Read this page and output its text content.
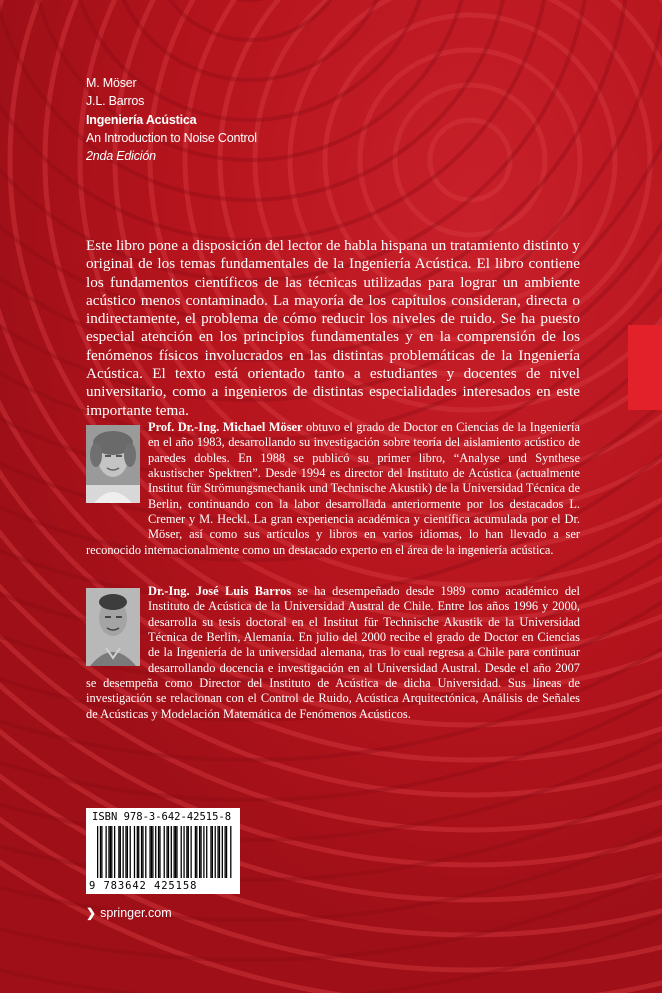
M. Möser
J.L. Barros
Ingeniería Acústica
An Introduction to Noise Control
2nda Edición
Este libro pone a disposición del lector de habla hispana un tratamiento distinto y original de los temas fundamentales de la Ingeniería Acústica. El libro contiene los fundamentos científicos de las técnicas utilizadas para lograr un ambiente acústico menos contaminado. La mayoría de los capítulos consideran, directa o indirectamente, el problema de cómo reducir los niveles de ruido. Se ha puesto especial atención en los principios fundamentales y en la comprensión de los fenómenos físicos involucrados en las distintas problemáticas de la Ingeniería Acústica. El texto está orientado tanto a estudiantes y docentes de nivel universitario, como a ingenieros de distintas especialidades interesados en este importante tema.
Prof. Dr.-Ing. Michael Möser obtuvo el grado de Doctor en Ciencias de la Ingeniería en el año 1983, desarrollando su investigación sobre teoría del aislamiento acústico de paredes dobles. En 1988 se publicó su primer libro, “Analyse und Synthese akustischer Spektren”. Desde 1994 es director del Instituto de Acústica (actualmente Institut für Strömungsmechanik und Technische Akustik) de la Universidad Técnica de Berlin, continuando con la labor desarrollada anteriormente por los destacados L. Cremer y M. Heckl. La gran experiencia académica y científica acumulada por el Dr. Möser, así como sus artículos y libros en varios idiomas, lo han llevado a ser reconocido internacionalmente como un destacado experto en el área de la ingeniería acústica.
Dr.-Ing. José Luis Barros se ha desempeñado desde 1989 como académico del Instituto de Acústica de la Universidad Austral de Chile. Entre los años 1996 y 2000, desarrolla su tesis doctoral en el Institut für Technische Akustik de la Universidad Técnica de Berlin, Alemania. En julio del 2000 recibe el grado de Doctor en Ciencias de la Ingeniería de la universidad alemana, tras lo cual regresa a Chile para continuar desarrollando docencia e investigación en al Universidad Austral. Desde el año 2007 se desempeña como Director del Instituto de Acústica de dicha Universidad. Sus líneas de investigación se relacionan con el Control de Ruido, Acústica Arquitectónica, Análisis de Señales de Acústicas y Modelación Matemática de Fenómenos Acústicos.
ISBN 978-3-642-42515-8
9 783642 425158
❯ springer.com
